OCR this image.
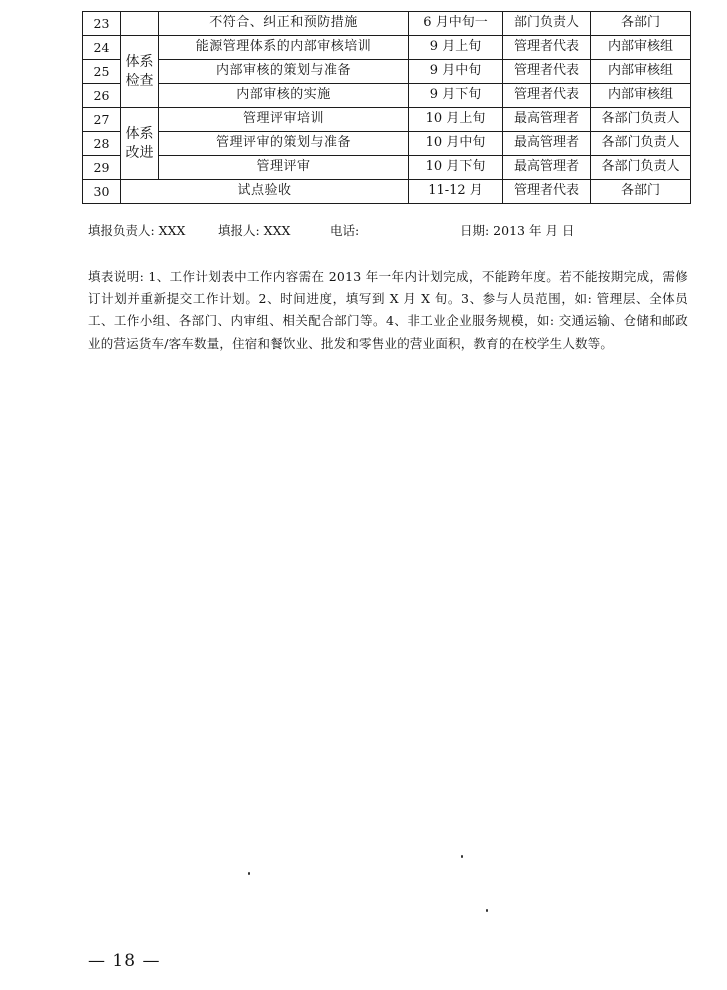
23		不符合、纠正和预防措施	6 月中旬一	部门负责人	各部门
24	体系检查	能源管理体系的内部审核培训	9 月上旬	管理者代表	内部审核组
25		内部审核的策划与准备	9 月中旬	管理者代表	内部审核组
26		内部审核的实施	9 月下旬	管理者代表	内部审核组
27	体系改进	管理评审培训	10 月上旬	最高管理者	各部门负责人
28		管理评审的策划与准备	10 月中旬	最高管理者	各部门负责人
29		管理评审	10 月下旬	最高管理者	各部门负责人
30	试点验收		11-12 月	管理者代表	各部门
填报负责人: XXX	填报人: XXX	电话:	日期: 2013 年 月 日
填表说明: 1、工作计划表中工作内容需在 2013 年一年内计划完成，不能跨年度。若不能按期完成，需修订计划并重新提交工作计划。2、时间进度，填写到 X 月 X 旬。3、参与人员范围，如: 管理层、全体员工、工作小组、各部门、内审组、相关配合部门等。4、非工业企业服务规模，如: 交通运输、仓储和邮政业的营运货车/客车数量，住宿和餐饮业、批发和零售业的营业面积，教育的在校学生人数等。
— 18 —
